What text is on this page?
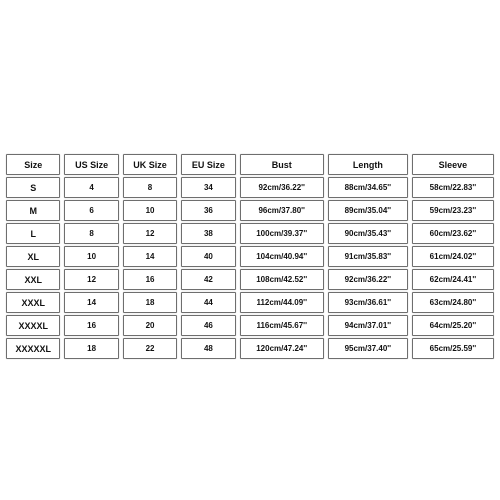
Size	US Size	UK Size	EU Size	Bust	Length	Sleeve
S	4	8	34	92cm/36.22''	88cm/34.65''	58cm/22.83''
M	6	10	36	96cm/37.80''	89cm/35.04''	59cm/23.23''
L	8	12	38	100cm/39.37''	90cm/35.43''	60cm/23.62''
XL	10	14	40	104cm/40.94''	91cm/35.83''	61cm/24.02''
XXL	12	16	42	108cm/42.52''	92cm/36.22''	62cm/24.41''
XXXL	14	18	44	112cm/44.09''	93cm/36.61''	63cm/24.80''
XXXXL	16	20	46	116cm/45.67''	94cm/37.01''	64cm/25.20''
XXXXXL	18	22	48	120cm/47.24''	95cm/37.40''	65cm/25.59''
